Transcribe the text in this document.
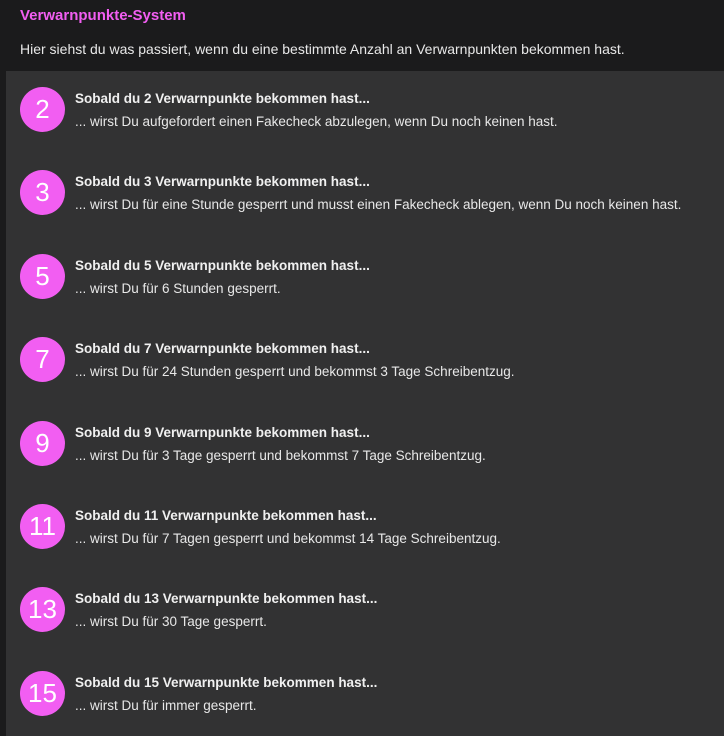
Verwarnpunkte-System
Hier siehst du was passiert, wenn du eine bestimmte Anzahl an Verwarnpunkten bekommen hast.
2	Sobald du 2 Verwarnpunkte bekommen hast...
... wirst Du aufgefordert einen Fakecheck abzulegen, wenn Du noch keinen hast.
3	Sobald du 3 Verwarnpunkte bekommen hast...
... wirst Du für eine Stunde gesperrt und musst einen Fakecheck ablegen, wenn Du noch keinen hast.
5	Sobald du 5 Verwarnpunkte bekommen hast...
... wirst Du für 6 Stunden gesperrt.
7	Sobald du 7 Verwarnpunkte bekommen hast...
... wirst Du für 24 Stunden gesperrt und bekommst 3 Tage Schreibentzug.
9	Sobald du 9 Verwarnpunkte bekommen hast...
... wirst Du für 3 Tage gesperrt und bekommst 7 Tage Schreibentzug.
11	Sobald du 11 Verwarnpunkte bekommen hast...
... wirst Du für 7 Tagen gesperrt und bekommst 14 Tage Schreibentzug.
13	Sobald du 13 Verwarnpunkte bekommen hast...
... wirst Du für 30 Tage gesperrt.
15	Sobald du 15 Verwarnpunkte bekommen hast...
... wirst Du für immer gesperrt.
